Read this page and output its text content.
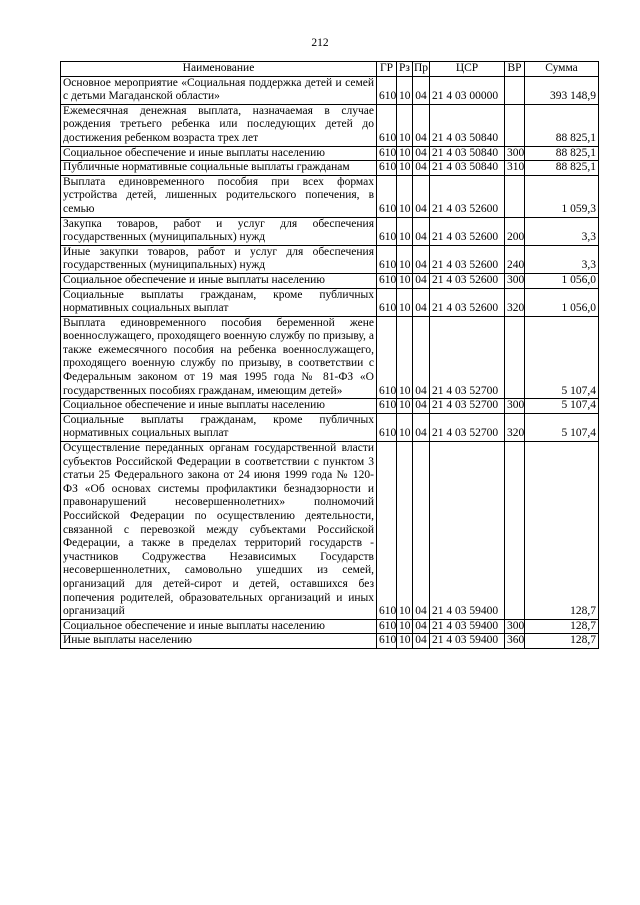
212
Наименование	ГР	Рз	Пр	ЦСР	ВР	Сумма
Основное мероприятие «Социальная поддержка детей и семей с детьми Магаданской области»	610	10	04	21 4 03 00000		393 148,9
Ежемесячная денежная выплата, назначаемая в случае рождения третьего ребенка или последующих детей до достижения ребенком возраста трех лет	610	10	04	21 4 03 50840		88 825,1
Социальное обеспечение и иные выплаты населению	610	10	04	21 4 03 50840	300	88 825,1
Публичные нормативные социальные выплаты гражданам	610	10	04	21 4 03 50840	310	88 825,1
Выплата единовременного пособия при всех формах устройства детей, лишенных родительского попечения, в семью	610	10	04	21 4 03 52600		1 059,3
Закупка товаров, работ и услуг для обеспечения государственных (муниципальных) нужд	610	10	04	21 4 03 52600	200	3,3
Иные закупки товаров, работ и услуг для обеспечения государственных (муниципальных) нужд	610	10	04	21 4 03 52600	240	3,3
Социальное обеспечение и иные выплаты населению	610	10	04	21 4 03 52600	300	1 056,0
Социальные выплаты гражданам, кроме публичных нормативных социальных выплат	610	10	04	21 4 03 52600	320	1 056,0
Выплата единовременного пособия беременной жене военнослужащего, проходящего военную службу по призыву, а также ежемесячного пособия на ребенка военнослужащего, проходящего военную службу по призыву, в соответствии с Федеральным законом от 19 мая 1995 года № 81-ФЗ «О государственных пособиях гражданам, имеющим детей»	610	10	04	21 4 03 52700		5 107,4
Социальное обеспечение и иные выплаты населению	610	10	04	21 4 03 52700	300	5 107,4
Социальные выплаты гражданам, кроме публичных нормативных социальных выплат	610	10	04	21 4 03 52700	320	5 107,4
Осуществление переданных органам государственной власти субъектов Российской Федерации в соответствии с пунктом 3 статьи 25 Федерального закона от 24 июня 1999 года № 120-ФЗ «Об основах системы профилактики безнадзорности и правонарушений несовершеннолетних» полномочий Российской Федерации по осуществлению деятельности, связанной с перевозкой между субъектами Российской Федерации, а также в пределах территорий государств - участников Содружества Независимых Государств несовершеннолетних, самовольно ушедших из семей, организаций для детей-сирот и детей, оставшихся без попечения родителей, образовательных организаций и иных организаций	610	10	04	21 4 03 59400		128,7
Социальное обеспечение и иные выплаты населению	610	10	04	21 4 03 59400	300	128,7
Иные выплаты населению	610	10	04	21 4 03 59400	360	128,7
